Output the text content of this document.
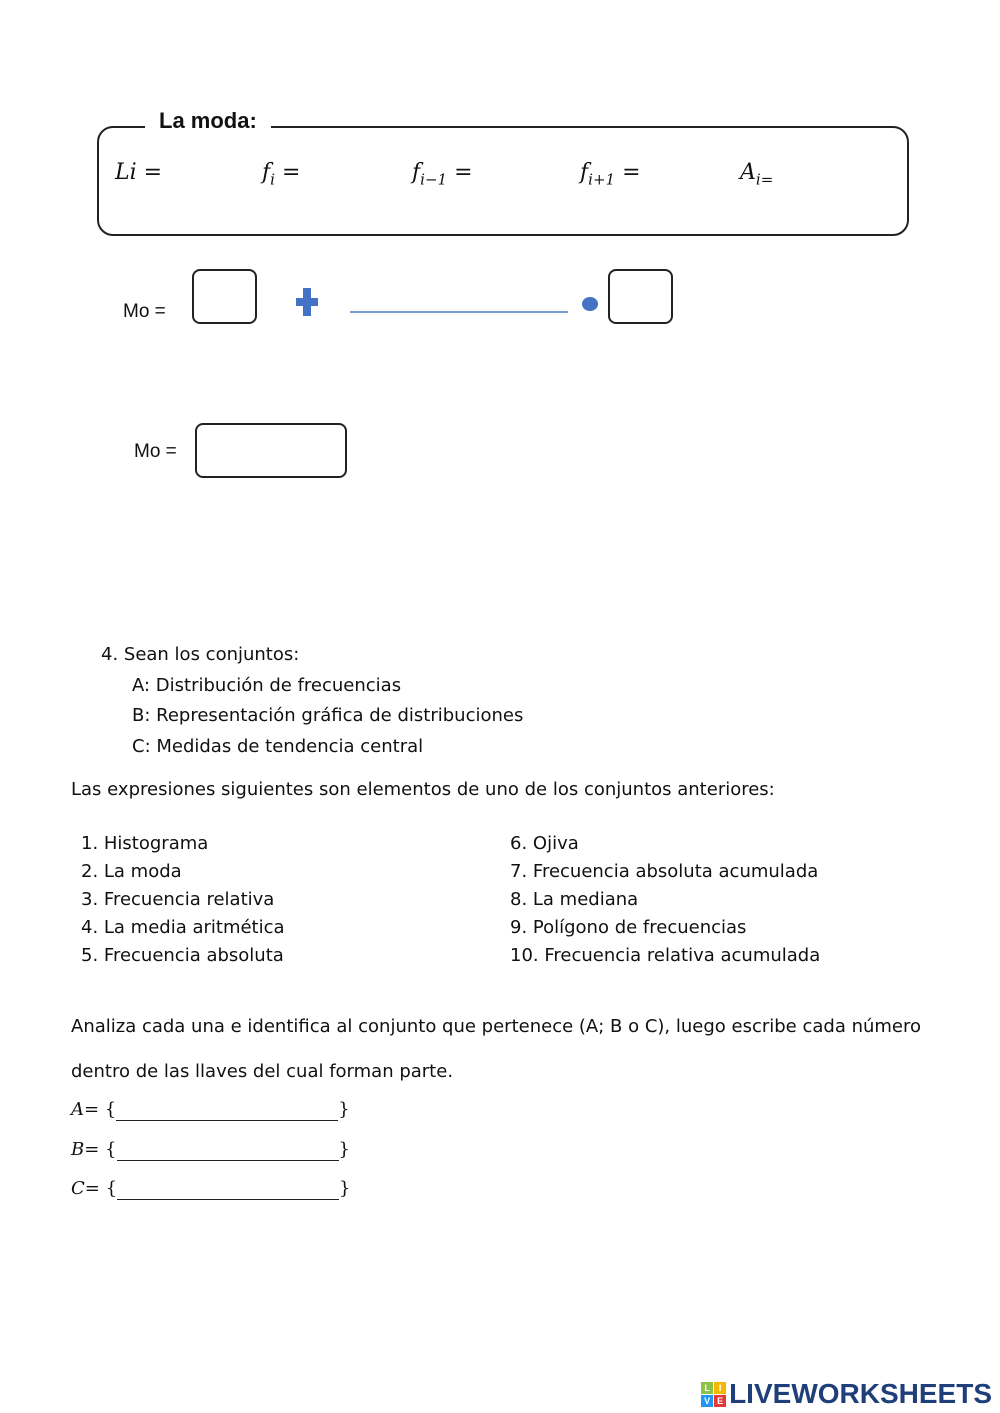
La moda:
Li =	$f_i$ =	$f_{i-1}$ =	$f_{i+1}$ =	$A_{i=}$
Mo =
Mo =
4. Sean los conjuntos:
A: Distribución de frecuencias
B: Representación gráfica de distribuciones
C: Medidas de tendencia central
Las expresiones siguientes son elementos de uno de los conjuntos anteriores:
1. Histograma
2. La moda
3. Frecuencia relativa
4. La media aritmética
5. Frecuencia absoluta
6. Ojiva
7. Frecuencia absoluta acumulada
8. La mediana
9. Polígono de frecuencias
10. Frecuencia relativa acumulada
Analiza cada una e identifica al conjunto que pertenece (A; B o C), luego escribe cada número
dentro de las llaves del cual forman parte.
A = {
	}
B = {
	}
C = {
	}
L I
V E LIVEWORKSHEETS
